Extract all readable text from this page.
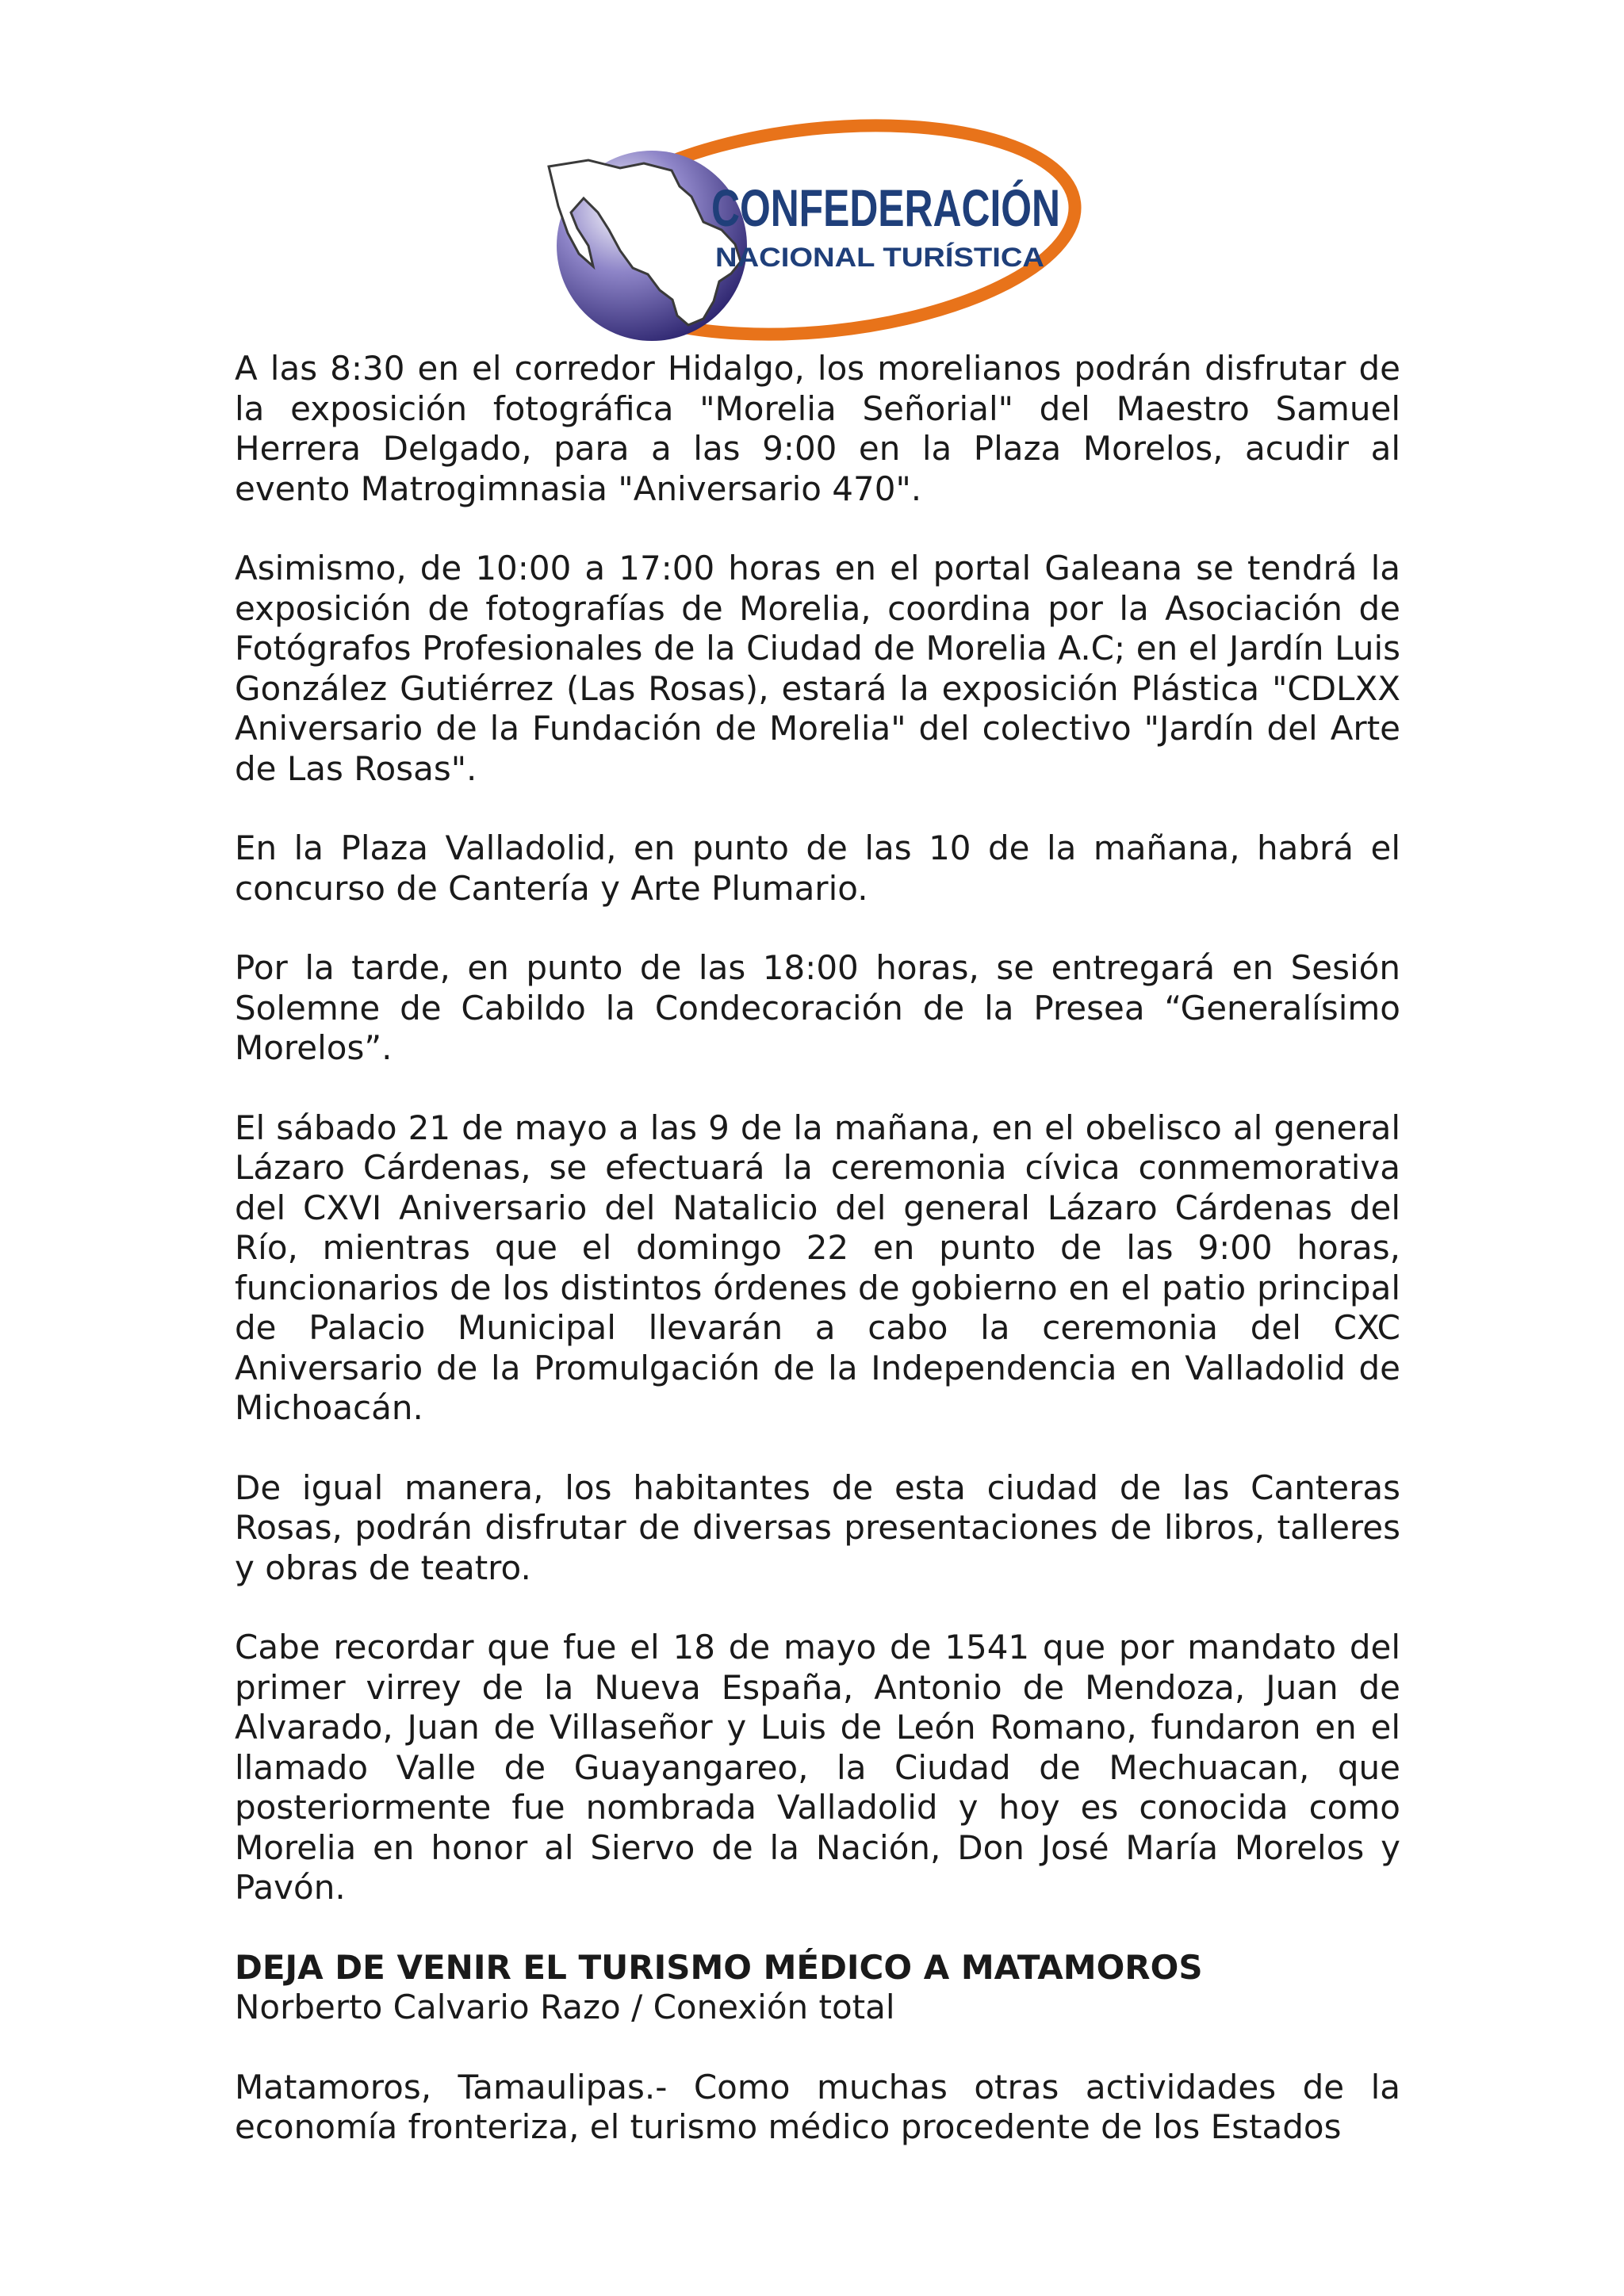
CONFEDERACIÓN
NACIONAL TURÍSTICA

A las 8:30 en el corredor Hidalgo, los morelianos podrán disfrutar de la exposición fotográfica "Morelia Señorial" del Maestro Samuel Herrera Delgado, para a las 9:00 en la Plaza Morelos, acudir al evento Matrogimnasia "Aniversario 470".

Asimismo, de 10:00 a 17:00 horas en el portal Galeana se tendrá la exposición de fotografías de Morelia, coordina por la Asociación de Fotógrafos Profesionales de la Ciudad de Morelia A.C; en el Jardín Luis González Gutiérrez (Las Rosas), estará la exposición Plástica "CDLXX Aniversario de la Fundación de Morelia" del colectivo "Jardín del Arte de Las Rosas".

En la Plaza Valladolid, en punto de las 10 de la mañana, habrá el concurso de Cantería y Arte Plumario.

Por la tarde, en punto de las 18:00 horas, se entregará en Sesión Solemne de Cabildo la Condecoración de la Presea “Generalísimo Morelos”.

El sábado 21 de mayo a las 9 de la mañana, en el obelisco al general Lázaro Cárdenas, se efectuará la ceremonia cívica conmemorativa del CXVI Aniversario del Natalicio del general Lázaro Cárdenas del Río, mientras que el domingo 22 en punto de las 9:00 horas, funcionarios de los distintos órdenes de gobierno en el patio principal de Palacio Municipal llevarán a cabo la ceremonia del CXC Aniversario de la Promulgación de la Independencia en Valladolid de Michoacán.

De igual manera, los habitantes de esta ciudad de las Canteras Rosas, podrán disfrutar de diversas presentaciones de libros, talleres y obras de teatro.

Cabe recordar que fue el 18 de mayo de 1541 que por mandato del primer virrey de la Nueva España, Antonio de Mendoza, Juan de Alvarado, Juan de Villaseñor y Luis de León Romano, fundaron en el llamado Valle de Guayangareo, la Ciudad de Mechuacan, que posteriormente fue nombrada Valladolid y hoy es conocida como Morelia en honor al Siervo de la Nación, Don José María Morelos y Pavón.

DEJA DE VENIR EL TURISMO MÉDICO A MATAMOROS

Norberto Calvario Razo / Conexión total

Matamoros, Tamaulipas.- Como muchas otras actividades de la economía fronteriza, el turismo médico procedente de los Estados
